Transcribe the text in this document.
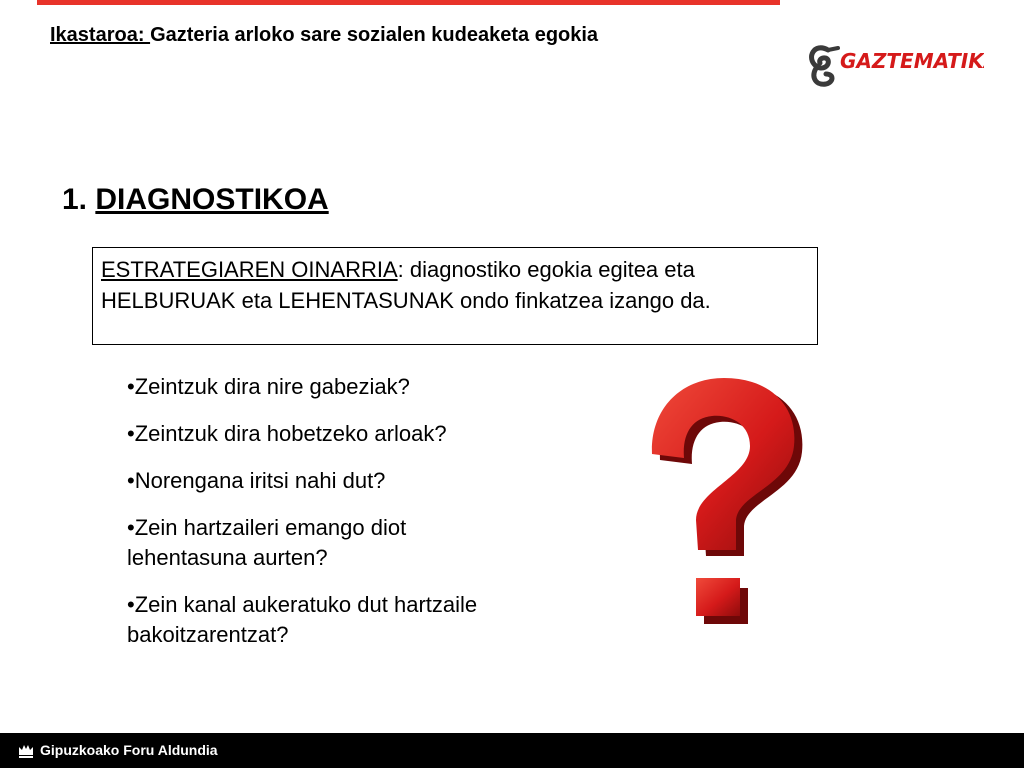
Ikastaroa: Gazteria arloko sare sozialen kudeaketa egokia
GAZTEMATIKA
1. DIAGNOSTIKOA
ESTRATEGIAREN OINARRIA: diagnostiko egokia egitea eta HELBURUAK eta LEHENTASUNAK ondo finkatzea izango da.
•Zeintzuk dira nire gabeziak?
•Zeintzuk dira hobetzeko arloak?
•Norengana iritsi nahi dut?
•Zein hartzaileri emango diot lehentasuna aurten?
•Zein kanal aukeratuko dut hartzaile bakoitzarentzat?
Gipuzkoako Foru Aldundia
